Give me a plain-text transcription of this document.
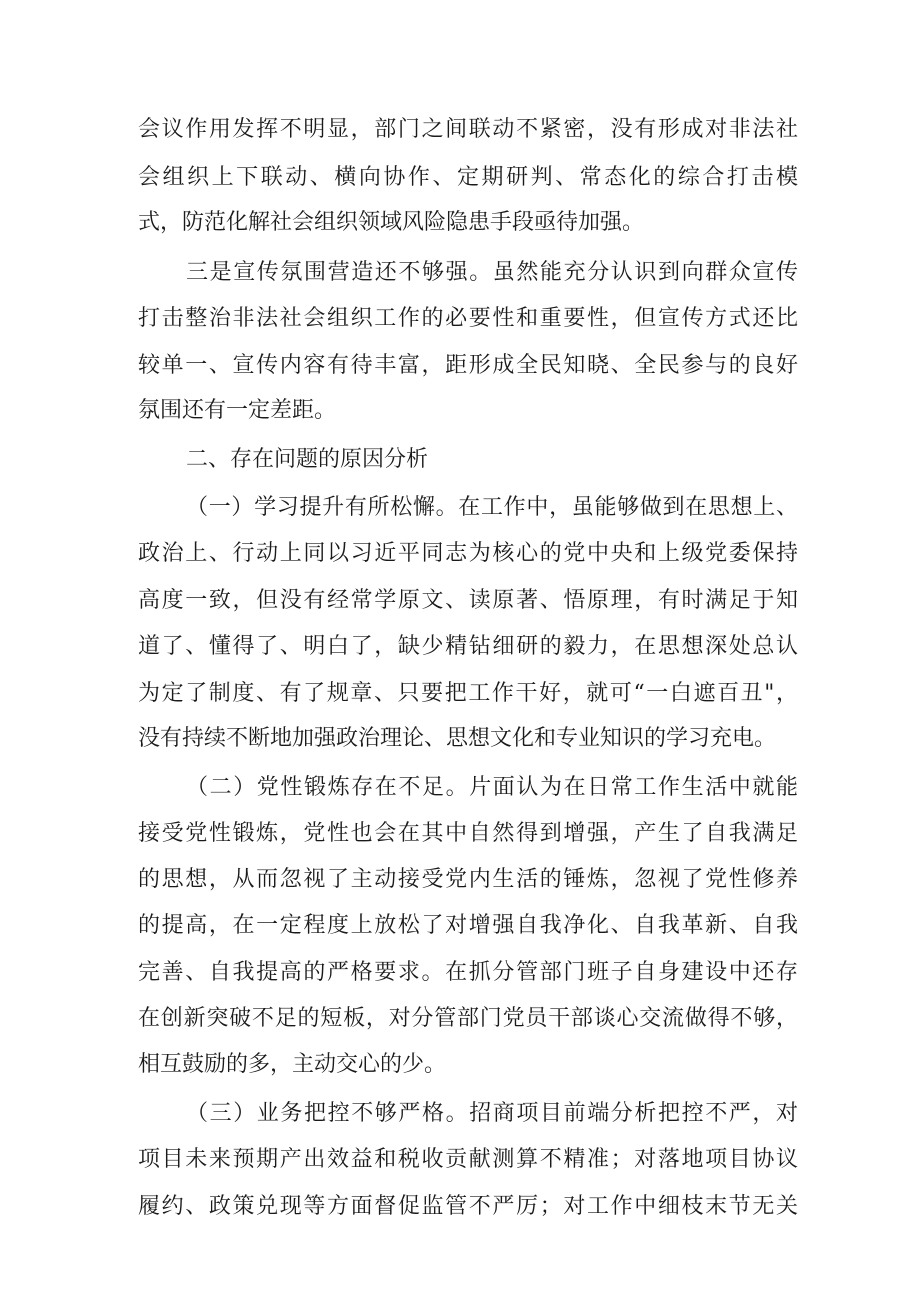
会议作用发挥不明显，部门之间联动不紧密，没有形成对非法社
会组织上下联动、横向协作、定期研判、常态化的综合打击模
式，防范化解社会组织领域风险隐患手段亟待加强。
三是宣传氛围营造还不够强。虽然能充分认识到向群众宣传
打击整治非法社会组织工作的必要性和重要性，但宣传方式还比
较单一、宣传内容有待丰富，距形成全民知晓、全民参与的良好
氛围还有一定差距。
二、存在问题的原因分析
（一）学习提升有所松懈。在工作中，虽能够做到在思想上、
政治上、行动上同以习近平同志为核心的党中央和上级党委保持
高度一致，但没有经常学原文、读原著、悟原理，有时满足于知
道了、懂得了、明白了，缺少精钻细研的毅力，在思想深处总认
为定了制度、有了规章、只要把工作干好，就可“一白遮百丑"，
没有持续不断地加强政治理论、思想文化和专业知识的学习充电。
（二）党性锻炼存在不足。片面认为在日常工作生活中就能
接受党性锻炼，党性也会在其中自然得到增强，产生了自我满足
的思想，从而忽视了主动接受党内生活的锤炼，忽视了党性修养
的提高，在一定程度上放松了对增强自我净化、自我革新、自我
完善、自我提高的严格要求。在抓分管部门班子自身建设中还存
在创新突破不足的短板，对分管部门党员干部谈心交流做得不够，
相互鼓励的多，主动交心的少。
（三）业务把控不够严格。招商项目前端分析把控不严，对
项目未来预期产出效益和税收贡献测算不精准；对落地项目协议
履约、政策兑现等方面督促监管不严厉；对工作中细枝末节无关
